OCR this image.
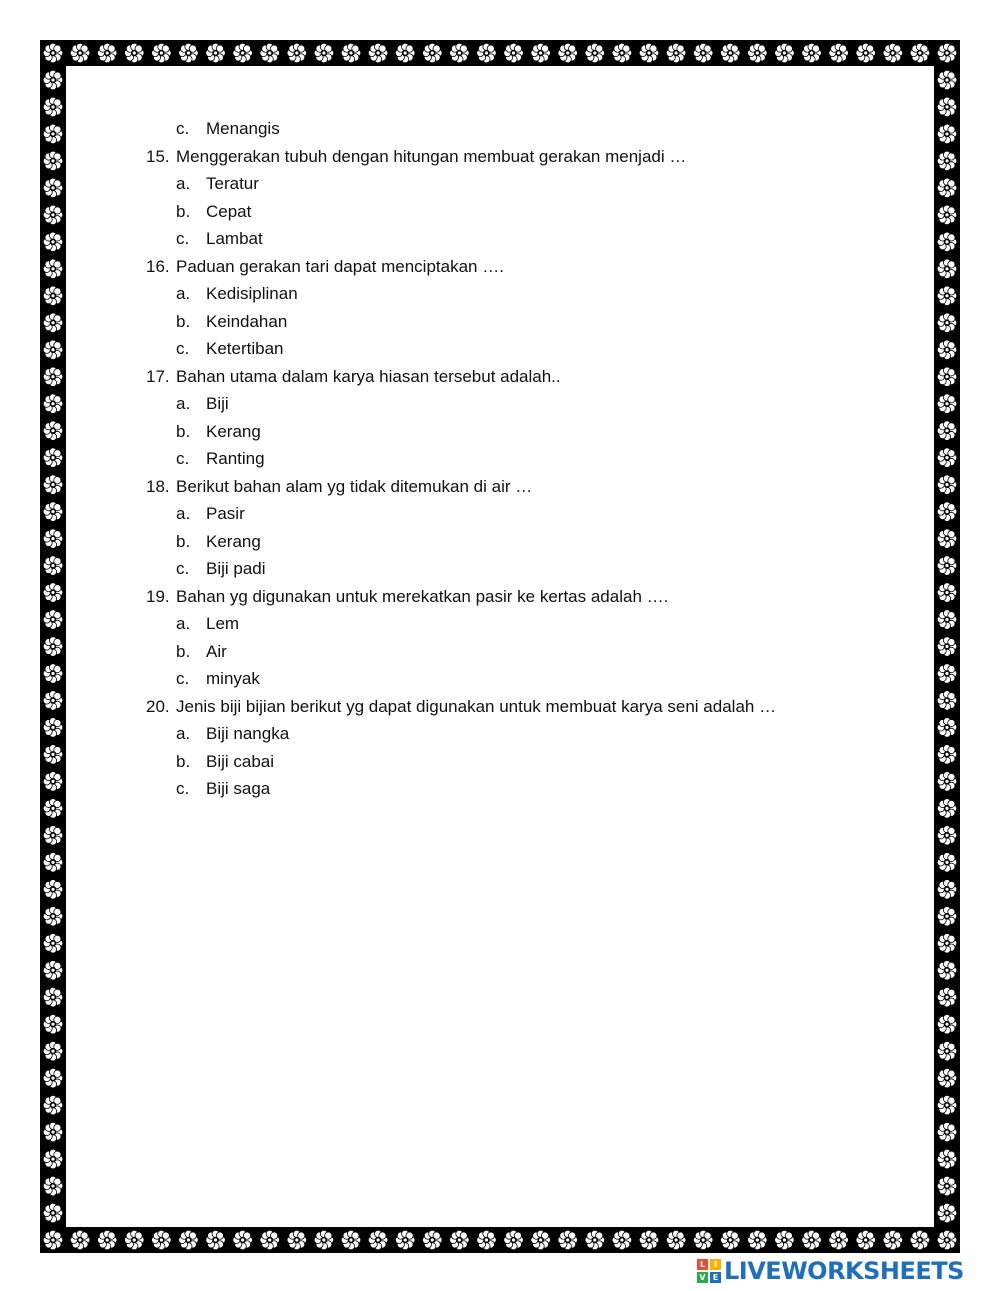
c. Menangis
15. Menggerakan tubuh dengan hitungan membuat gerakan menjadi …
a. Teratur
b. Cepat
c. Lambat
16. Paduan gerakan tari dapat menciptakan ….
a. Kedisiplinan
b. Keindahan
c. Ketertiban
17. Bahan utama dalam karya hiasan tersebut adalah..
a. Biji
b. Kerang
c. Ranting
18. Berikut bahan alam yg tidak ditemukan di air …
a. Pasir
b. Kerang
c. Biji padi
19. Bahan yg digunakan untuk merekatkan pasir ke kertas adalah ….
a. Lem
b. Air
c. minyak
20. Jenis biji bijian berikut yg dapat digunakan untuk membuat karya seni adalah …
a. Biji nangka
b. Biji cabai
c. Biji saga
L	I
V E LIVEWORKSHEETS
